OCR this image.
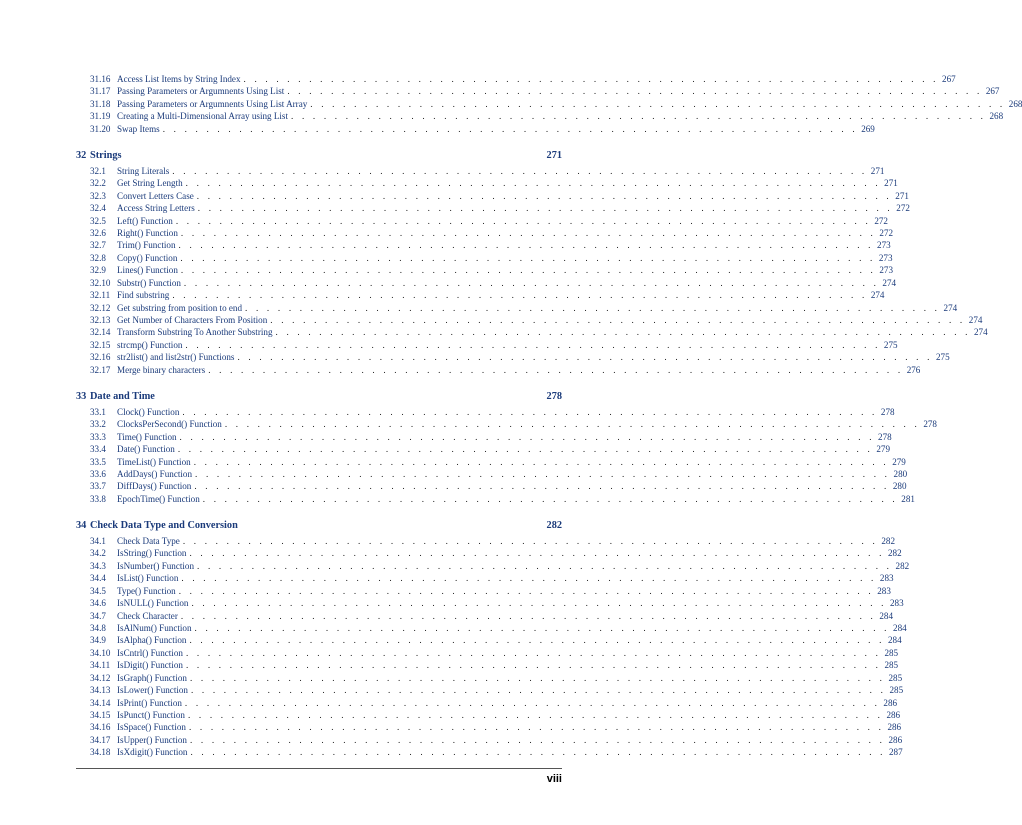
31.16 Access List Items by String Index . . . . . . . . . . . . . . . . . . . . . . . . . . . . . . . . . . . . . . . . . . . . . . . . . . . . . . . . . . . . . . . . 267
31.17 Passing Parameters or Argumnents Using List . . . . . . . . . . . . . . . . . . . . . . . . . . . . . . . . . . . . . . . . . . . . . . . . . . . . . . . . . . . . . . . . 267
31.18 Passing Parameters or Argumnents Using List Array . . . . . . . . . . . . . . . . . . . . . . . . . . . . . . . . . . . . . . . . . . . . . . . . . . . . . . . . . . . . . . . . 268
31.19 Creating a Multi-Dimensional Array using List . . . . . . . . . . . . . . . . . . . . . . . . . . . . . . . . . . . . . . . . . . . . . . . . . . . . . . . . . . . . . . . . 268
31.20 Swap Items . . . . . . . . . . . . . . . . . . . . . . . . . . . . . . . . . . . . . . . . . . . . . . . . . . . . . . . . . . . . . . . . 269
32 Strings	271
32.1	String Literals . . . . . . . . . . . . . . . . . . . . . . . . . . . . . . . . . . . . . . . . . . . . . . . . . . . . . . . . . . . . . . . . 271
32.2	Get String Length . . . . . . . . . . . . . . . . . . . . . . . . . . . . . . . . . . . . . . . . . . . . . . . . . . . . . . . . . . . . . . . . 271
32.3	Convert Letters Case . . . . . . . . . . . . . . . . . . . . . . . . . . . . . . . . . . . . . . . . . . . . . . . . . . . . . . . . . . . . . . . . 271
32.4	Access String Letters . . . . . . . . . . . . . . . . . . . . . . . . . . . . . . . . . . . . . . . . . . . . . . . . . . . . . . . . . . . . . . . . 272
32.5	Left() Function . . . . . . . . . . . . . . . . . . . . . . . . . . . . . . . . . . . . . . . . . . . . . . . . . . . . . . . . . . . . . . . . 272
32.6	Right() Function . . . . . . . . . . . . . . . . . . . . . . . . . . . . . . . . . . . . . . . . . . . . . . . . . . . . . . . . . . . . . . . . 272
32.7	Trim() Function . . . . . . . . . . . . . . . . . . . . . . . . . . . . . . . . . . . . . . . . . . . . . . . . . . . . . . . . . . . . . . . . 273
32.8	Copy() Function . . . . . . . . . . . . . . . . . . . . . . . . . . . . . . . . . . . . . . . . . . . . . . . . . . . . . . . . . . . . . . . . 273
32.9	Lines() Function . . . . . . . . . . . . . . . . . . . . . . . . . . . . . . . . . . . . . . . . . . . . . . . . . . . . . . . . . . . . . . . . 273
32.10 Substr() Function . . . . . . . . . . . . . . . . . . . . . . . . . . . . . . . . . . . . . . . . . . . . . . . . . . . . . . . . . . . . . . . . 274
32.11 Find substring . . . . . . . . . . . . . . . . . . . . . . . . . . . . . . . . . . . . . . . . . . . . . . . . . . . . . . . . . . . . . . . . 274
32.12 Get substring from position to end . . . . . . . . . . . . . . . . . . . . . . . . . . . . . . . . . . . . . . . . . . . . . . . . . . . . . . . . . . . . . . . . 274
32.13 Get Number of Characters From Position . . . . . . . . . . . . . . . . . . . . . . . . . . . . . . . . . . . . . . . . . . . . . . . . . . . . . . . . . . . . . . . . 274
32.14 Transform Substring To Another Substring . . . . . . . . . . . . . . . . . . . . . . . . . . . . . . . . . . . . . . . . . . . . . . . . . . . . . . . . . . . . . . . . 274
32.15 strcmp() Function . . . . . . . . . . . . . . . . . . . . . . . . . . . . . . . . . . . . . . . . . . . . . . . . . . . . . . . . . . . . . . . . 275
32.16 str2list() and list2str() Functions . . . . . . . . . . . . . . . . . . . . . . . . . . . . . . . . . . . . . . . . . . . . . . . . . . . . . . . . . . . . . . . . 275
32.17 Merge binary characters . . . . . . . . . . . . . . . . . . . . . . . . . . . . . . . . . . . . . . . . . . . . . . . . . . . . . . . . . . . . . . . . 276
33 Date and Time	278
33.1	Clock() Function . . . . . . . . . . . . . . . . . . . . . . . . . . . . . . . . . . . . . . . . . . . . . . . . . . . . . . . . . . . . . . . . 278
33.2	ClocksPerSecond() Function . . . . . . . . . . . . . . . . . . . . . . . . . . . . . . . . . . . . . . . . . . . . . . . . . . . . . . . . . . . . . . . . 278
33.3	Time() Function . . . . . . . . . . . . . . . . . . . . . . . . . . . . . . . . . . . . . . . . . . . . . . . . . . . . . . . . . . . . . . . . 278
33.4	Date() Function . . . . . . . . . . . . . . . . . . . . . . . . . . . . . . . . . . . . . . . . . . . . . . . . . . . . . . . . . . . . . . . . 279
33.5	TimeList() Function . . . . . . . . . . . . . . . . . . . . . . . . . . . . . . . . . . . . . . . . . . . . . . . . . . . . . . . . . . . . . . . . 279
33.6	AddDays() Function . . . . . . . . . . . . . . . . . . . . . . . . . . . . . . . . . . . . . . . . . . . . . . . . . . . . . . . . . . . . . . . . 280
33.7	DiffDays() Function . . . . . . . . . . . . . . . . . . . . . . . . . . . . . . . . . . . . . . . . . . . . . . . . . . . . . . . . . . . . . . . . 280
33.8	EpochTime() Function . . . . . . . . . . . . . . . . . . . . . . . . . . . . . . . . . . . . . . . . . . . . . . . . . . . . . . . . . . . . . . . . 281
34 Check Data Type and Conversion	282
34.1	Check Data Type . . . . . . . . . . . . . . . . . . . . . . . . . . . . . . . . . . . . . . . . . . . . . . . . . . . . . . . . . . . . . . . . 282
34.2	IsString() Function . . . . . . . . . . . . . . . . . . . . . . . . . . . . . . . . . . . . . . . . . . . . . . . . . . . . . . . . . . . . . . . . 282
34.3	IsNumber() Function . . . . . . . . . . . . . . . . . . . . . . . . . . . . . . . . . . . . . . . . . . . . . . . . . . . . . . . . . . . . . . . . 282
34.4	IsList() Function . . . . . . . . . . . . . . . . . . . . . . . . . . . . . . . . . . . . . . . . . . . . . . . . . . . . . . . . . . . . . . . . 283
34.5	Type() Function . . . . . . . . . . . . . . . . . . . . . . . . . . . . . . . . . . . . . . . . . . . . . . . . . . . . . . . . . . . . . . . . 283
34.6	IsNULL() Function . . . . . . . . . . . . . . . . . . . . . . . . . . . . . . . . . . . . . . . . . . . . . . . . . . . . . . . . . . . . . . . . 283
34.7	Check Character . . . . . . . . . . . . . . . . . . . . . . . . . . . . . . . . . . . . . . . . . . . . . . . . . . . . . . . . . . . . . . . . 284
34.8	IsAlNum() Function . . . . . . . . . . . . . . . . . . . . . . . . . . . . . . . . . . . . . . . . . . . . . . . . . . . . . . . . . . . . . . . . 284
34.9	IsAlpha() Function . . . . . . . . . . . . . . . . . . . . . . . . . . . . . . . . . . . . . . . . . . . . . . . . . . . . . . . . . . . . . . . . 284
34.10 IsCntrl() Function . . . . . . . . . . . . . . . . . . . . . . . . . . . . . . . . . . . . . . . . . . . . . . . . . . . . . . . . . . . . . . . . 285
34.11 IsDigit() Function . . . . . . . . . . . . . . . . . . . . . . . . . . . . . . . . . . . . . . . . . . . . . . . . . . . . . . . . . . . . . . . . 285
34.12 IsGraph() Function . . . . . . . . . . . . . . . . . . . . . . . . . . . . . . . . . . . . . . . . . . . . . . . . . . . . . . . . . . . . . . . . 285
34.13 IsLower() Function . . . . . . . . . . . . . . . . . . . . . . . . . . . . . . . . . . . . . . . . . . . . . . . . . . . . . . . . . . . . . . . . 285
34.14 IsPrint() Function . . . . . . . . . . . . . . . . . . . . . . . . . . . . . . . . . . . . . . . . . . . . . . . . . . . . . . . . . . . . . . . . 286
34.15 IsPunct() Function . . . . . . . . . . . . . . . . . . . . . . . . . . . . . . . . . . . . . . . . . . . . . . . . . . . . . . . . . . . . . . . . 286
34.16 IsSpace() Function . . . . . . . . . . . . . . . . . . . . . . . . . . . . . . . . . . . . . . . . . . . . . . . . . . . . . . . . . . . . . . . . 286
34.17 IsUpper() Function . . . . . . . . . . . . . . . . . . . . . . . . . . . . . . . . . . . . . . . . . . . . . . . . . . . . . . . . . . . . . . . . 286
34.18 IsXdigit() Function . . . . . . . . . . . . . . . . . . . . . . . . . . . . . . . . . . . . . . . . . . . . . . . . . . . . . . . . . . . . . . . . 287
viii
